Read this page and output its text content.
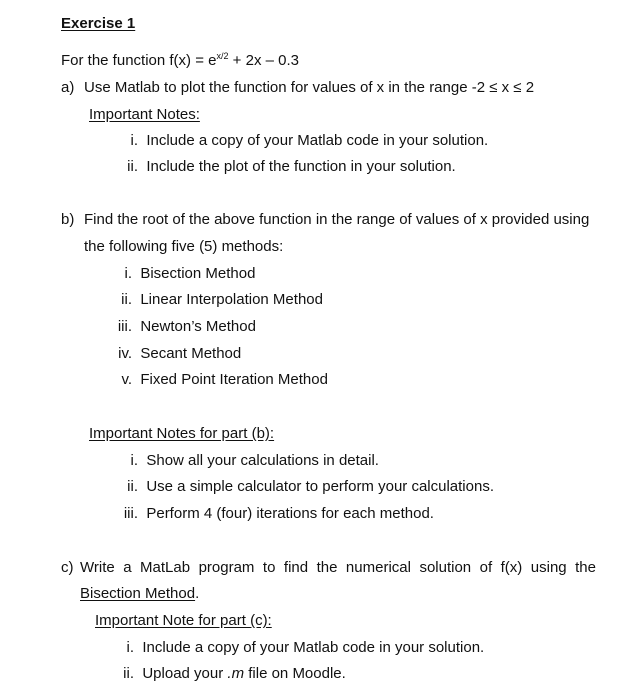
Exercise 1
For the function $f(x) = e^{x/2} + 2x - 0.3$
a) Use Matlab to plot the function for values of x in the range -2 ≤ x ≤ 2
Important Notes:
i. Include a copy of your Matlab code in your solution.
ii. Include the plot of the function in your solution.
b) Find the root of the above function in the range of values of x provided using
the following five (5) methods:
i. Bisection Method
ii. Linear Interpolation Method
iii. Newton’s Method
iv. Secant Method
v. Fixed Point Iteration Method
Important Notes for part (b):
i. Show all your calculations in detail.
ii. Use a simple calculator to perform your calculations.
iii. Perform 4 (four) iterations for each method.
c) Write a MatLab program to find the numerical solution of f(x) using the
Bisection Method.
Important Note for part (c):
i. Include a copy of your Matlab code in your solution.
ii. Upload your .m file on Moodle.
